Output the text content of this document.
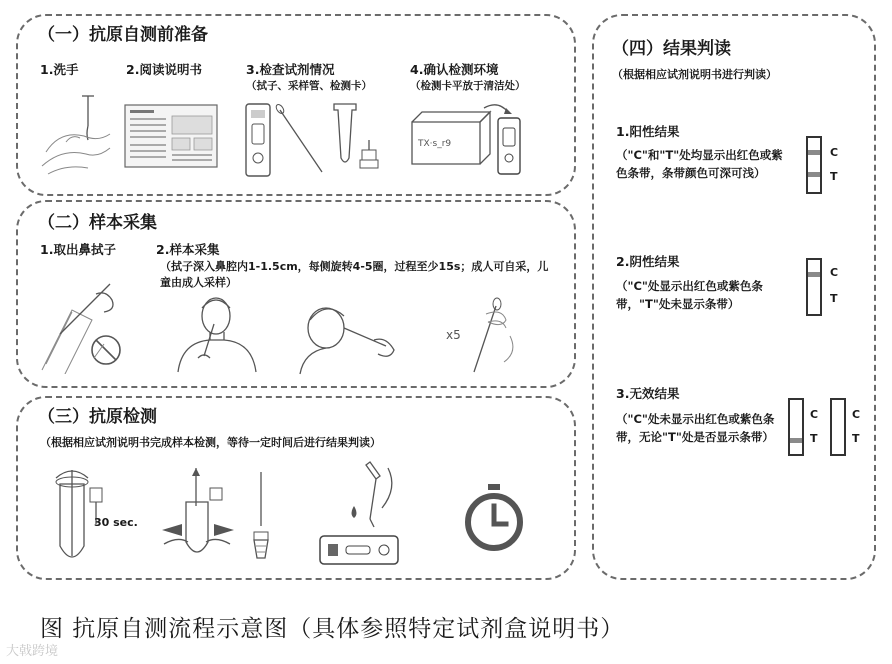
（一）抗原自测前准备
1.洗手	2.阅读说明书	3.检查试剂情况
（拭子、采样管、检测卡）
4.确认检测环境
（检测卡平放于清洁处）
TX·s_r9
（二）样本采集
1.取出鼻拭子	2.样本采集
（拭子深入鼻腔内1-1.5cm，每侧旋转4-5圈，过程至少15s；成人可自采，儿童由成人采样）
x5
（三）抗原检测
（根据相应试剂说明书完成样本检测，等待一定时间后进行结果判读）
30 sec.
（四）结果判读
（根据相应试剂说明书进行判读）
1.阳性结果
（"C"和"T"处均显示出红色或紫色条带，条带颜色可深可浅）
C
T
2.阴性结果
（"C"处显示出红色或紫色条带，"T"处未显示条带）
C
T
3.无效结果
（"C"处未显示出红色或紫色条带，无论"T"处是否显示条带）
C
T
C
T
图 抗原自测流程示意图（具体参照特定试剂盒说明书）
大戟跨境
